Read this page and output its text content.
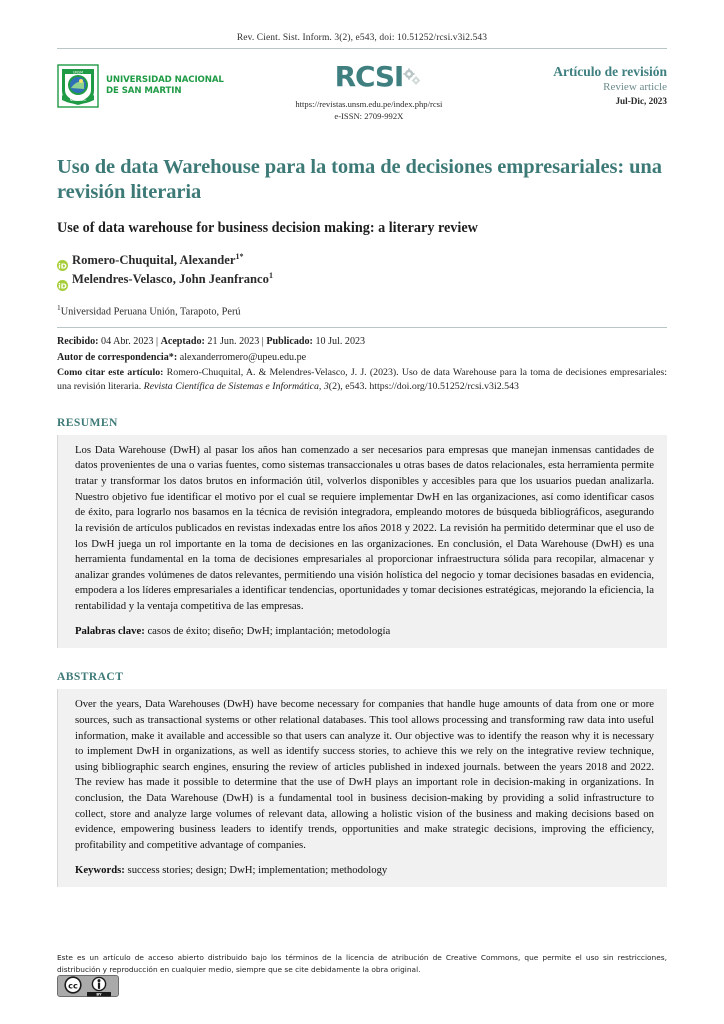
Rev. Cient. Sist. Inform. 3(2), e543, doi: 10.51252/rcsi.v3i2.543
UNSM
NACIONAL
UNIVERSIDAD NACIONAL
DE SAN MARTIN	RCSI
https://revistas.unsm.edu.pe/index.php/rcsi
e-ISSN: 2709-992X
Artículo de revisión
Review article
Jul-Dic, 2023
Uso de data Warehouse para la toma de decisiones empresariales: una revisión literaria
Use of data warehouse for business decision making: a literary review
iD Romero-Chuquital, Alexander$^{1*}$
iD Melendres-Velasco, John Jeanfranco$^1$
$^1$Universidad Peruana Unión, Tarapoto, Perú
Recibido: 04 Abr. 2023 | Aceptado: 21 Jun. 2023 | Publicado: 10 Jul. 2023
Autor de correspondencia*: alexanderromero@upeu.edu.pe
Como citar este artículo: Romero-Chuquital, A. & Melendres-Velasco, J. J. (2023). Uso de data Warehouse para la toma de decisiones empresariales: una revisión literaria. Revista Científica de Sistemas e Informática, 3(2), e543. https://doi.org/10.51252/rcsi.v3i2.543
RESUMEN

Los Data Warehouse (DwH) al pasar los años han comenzado a ser necesarios para empresas que manejan inmensas cantidades de datos provenientes de una o varias fuentes, como sistemas transaccionales u otras bases de datos relacionales, esta herramienta permite tratar y transformar los datos brutos en información útil, volverlos disponibles y accesibles para que los usuarios puedan analizarla. Nuestro objetivo fue identificar el motivo por el cual se requiere implementar DwH en las organizaciones, así como identificar casos de éxito, para lograrlo nos basamos en la técnica de revisión integradora, empleando motores de búsqueda bibliográficos, asegurando la revisión de artículos publicados en revistas indexadas entre los años 2018 y 2022. La revisión ha permitido determinar que el uso de los DwH juega un rol importante en la toma de decisiones en las organizaciones. En conclusión, el Data Warehouse (DwH) es una herramienta fundamental en la toma de decisiones empresariales al proporcionar infraestructura sólida para recopilar, almacenar y analizar grandes volúmenes de datos relevantes, permitiendo una visión holística del negocio y tomar decisiones basadas en evidencia, empodera a los líderes empresariales a identificar tendencias, oportunidades y tomar decisiones estratégicas, mejorando la eficiencia, la rentabilidad y la ventaja competitiva de las empresas.

Palabras clave: casos de éxito; diseño; DwH; implantación; metodología

ABSTRACT

Over the years, Data Warehouses (DwH) have become necessary for companies that handle huge amounts of data from one or more sources, such as transactional systems or other relational databases. This tool allows processing and transforming raw data into useful information, make it available and accessible so that users can analyze it. Our objective was to identify the reason why it is necessary to implement DwH in organizations, as well as identify success stories, to achieve this we rely on the integrative review technique, using bibliographic search engines, ensuring the review of articles published in indexed journals. between the years 2018 and 2022. The review has made it possible to determine that the use of DwH plays an important role in decision-making in organizations. In conclusion, the Data Warehouse (DwH) is a fundamental tool in business decision-making by providing a solid infrastructure to collect, store and analyze large volumes of relevant data, allowing a holistic vision of the business and making decisions based on evidence, empowering business leaders to identify trends, opportunities and make strategic decisions, improving the efficiency, profitability and competitive advantage of companies.

Keywords: success stories; design; DwH; implementation; methodology

Este es un artículo de acceso abierto distribuido bajo los términos de la licencia de atribución de Creative Commons, que permite el uso sin restricciones, distribución y reproducción en cualquier medio, siempre que se cite debidamente la obra original.
cc
BY
